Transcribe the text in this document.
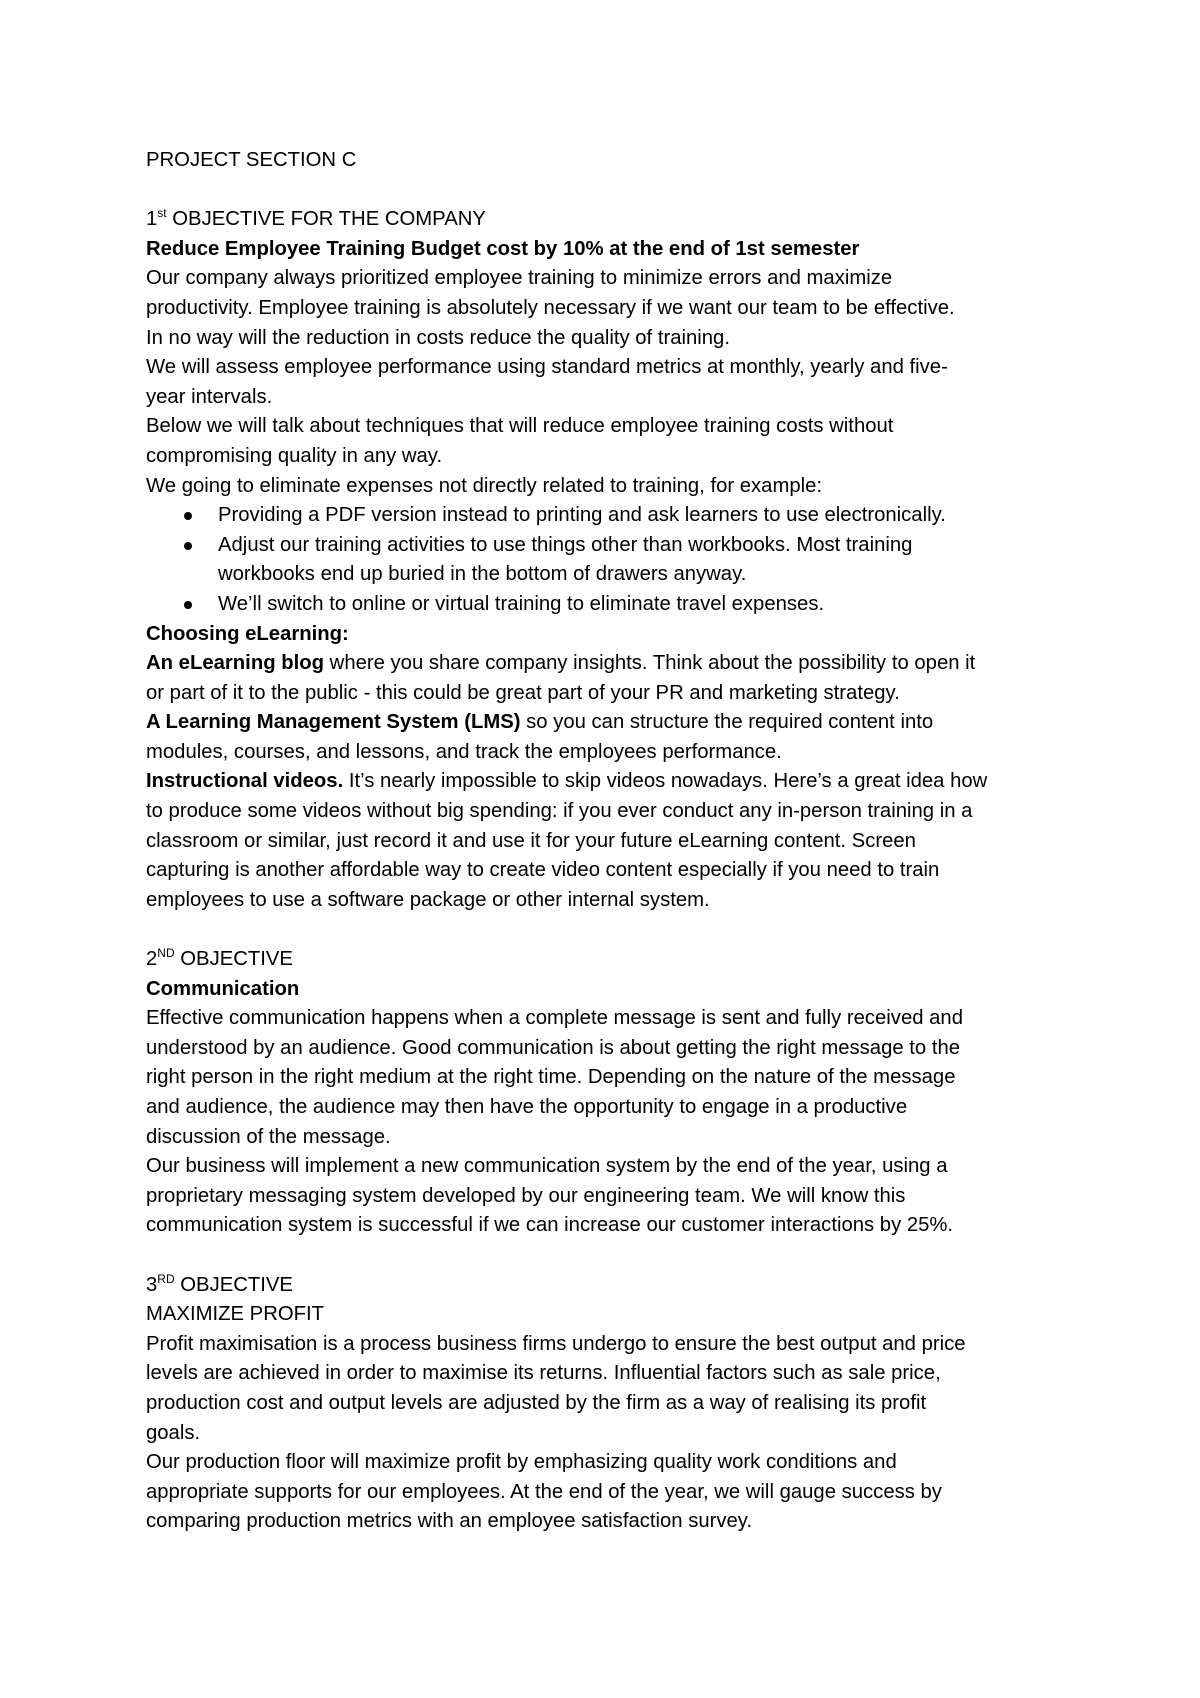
PROJECT SECTION C
1st OBJECTIVE FOR THE COMPANY
Reduce Employee Training Budget cost by 10% at the end of 1st semester
Our company always prioritized employee training to minimize errors and maximize
productivity. Employee training is absolutely necessary if we want our team to be effective.
In no way will the reduction in costs reduce the quality of training.
We will assess employee performance using standard metrics at monthly, yearly and five-
year intervals.
Below we will talk about techniques that will reduce employee training costs without
compromising quality in any way.
We going to eliminate expenses not directly related to training, for example:
Providing a PDF version instead to printing and ask learners to use electronically.
Adjust our training activities to use things other than workbooks. Most training
workbooks end up buried in the bottom of drawers anyway.
We’ll switch to online or virtual training to eliminate travel expenses.
Choosing eLearning:
An eLearning blog where you share company insights. Think about the possibility to open it
or part of it to the public - this could be great part of your PR and marketing strategy.
A Learning Management System (LMS) so you can structure the required content into
modules, courses, and lessons, and track the employees performance.
Instructional videos. It’s nearly impossible to skip videos nowadays. Here’s a great idea how
to produce some videos without big spending: if you ever conduct any in-person training in a
classroom or similar, just record it and use it for your future eLearning content. Screen
capturing is another affordable way to create video content especially if you need to train
employees to use a software package or other internal system.
2ND OBJECTIVE
Communication
Effective communication happens when a complete message is sent and fully received and
understood by an audience. Good communication is about getting the right message to the
right person in the right medium at the right time. Depending on the nature of the message
and audience, the audience may then have the opportunity to engage in a productive
discussion of the message.
Our business will implement a new communication system by the end of the year, using a
proprietary messaging system developed by our engineering team. We will know this
communication system is successful if we can increase our customer interactions by 25%.
3RD OBJECTIVE
MAXIMIZE PROFIT
Profit maximisation is a process business firms undergo to ensure the best output and price
levels are achieved in order to maximise its returns. Influential factors such as sale price,
production cost and output levels are adjusted by the firm as a way of realising its profit
goals.
Our production floor will maximize profit by emphasizing quality work conditions and
appropriate supports for our employees. At the end of the year, we will gauge success by
comparing production metrics with an employee satisfaction survey.
